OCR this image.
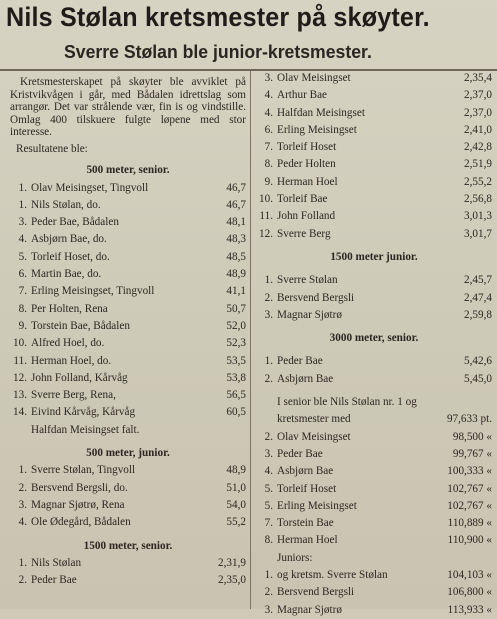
Nils Stølan kretsmester på skøyter.
Sverre Stølan ble junior-kretsmester.

Kretsmesterskapet på skøyter ble avviklet på Kristvikvågen i går, med Bådalen idrettslag som arrangør. Det var strålende vær, fin is og vindstille. Omlag 400 tilskuere fulgte løpene med stor interesse.

Resultatene ble:
500 meter, senior.
1. Olav Meisingset, Tingvoll	46,7
1. Nils Stølan, do.	46,7
3. Peder Bae, Bådalen	48,1
4. Asbjørn Bae, do.	48,3
5. Torleif Hoset, do.	48,5
6. Martin Bae, do.	48,9
7. Erling Meisingset, Tingvoll	41,1
8. Per Holten, Rena	50,7
9. Torstein Bae, Bådalen	52,0
10. Alfred Hoel, do.	52,3
11. Herman Hoel, do.	53,5
12. John Folland, Kårvåg	53,8
13. Sverre Berg, Rena,	56,5
14. Eivind Kårvåg, Kårvåg	60,5
Halfdan Meisingset falt.
500 meter, junior.
1. Sverre Stølan, Tingvoll	48,9
2. Bersvend Bergsli, do.	51,0
3. Magnar Sjøtrø, Rena	54,0
4. Ole Ødegård, Bådalen	55,2
1500 meter, senior.
1. Nils Stølan	2,31,9
2. Peder Bae	2,35,0
3. Olav Meisingset	2,35,4
4. Arthur Bae	2,37,0
4. Halfdan Meisingset	2,37,0
6. Erling Meisingset	2,41,0
7. Torleif Hoset	2,42,8
8. Peder Holten	2,51,9
9. Herman Hoel	2,55,2
10. Torleif Bae	2,56,8
11. John Folland	3,01,3
12. Sverre Berg	3,01,7
1500 meter junior.
1. Sverre Stølan	2,45,7
2. Bersvend Bergsli	2,47,4
3. Magnar Sjøtrø	2,59,8
3000 meter, senior.
1. Peder Bae	5,42,6
2. Asbjørn Bae	5,45,0

I senior ble Nils Stølan nr. 1 og

kretsmester med	97,633 pt.
2. Olav Meisingset	98,500 «
3. Peder Bae	99,767 «
4. Asbjørn Bae	100,333 «
5. Torleif Hoset	102,767 «
5. Erling Meisingset	102,767 «
7. Torstein Bae	110,889 «
8. Herman Hoel	110,900 «
Juniors:
1. og kretsm. Sverre Stølan	104,103 «
2. Bersvend Bergsli	106,800 «
3. Magnar Sjøtrø	113,933 «
